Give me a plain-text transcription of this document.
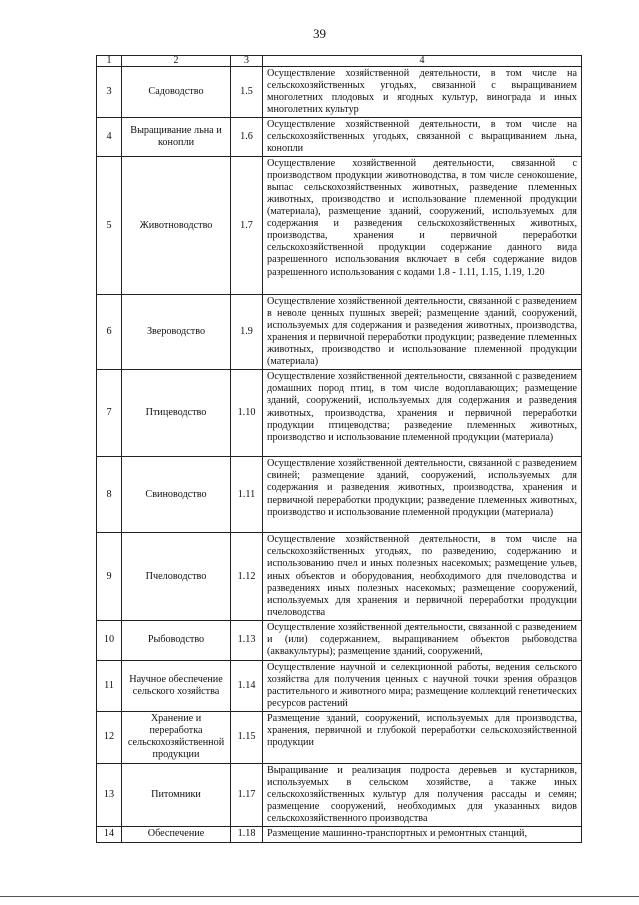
39
1	2	3	4
3	Садоводство	1.5	Осуществление хозяйственной деятельности, в том числе на сельскохозяйственных угодьях, связанной с выращиванием многолетних плодовых и ягодных культур, винограда и иных многолетних культур
4	Выращивание льна и конопли	1.6	Осуществление хозяйственной деятельности, в том числе на сельскохозяйственных угодьях, связанной с выращиванием льна, конопли
5	Животноводство	1.7	Осуществление хозяйственной деятельности, связанной с производством продукции животноводства, в том числе сенокошение, выпас сельскохозяйственных животных, разведение племенных животных, производство и использование племенной продукции (материала), размещение зданий, сооружений, используемых для содержания и разведения сельскохозяйственных животных, производства, хранения и первичной переработки сельскохозяйственной продукции содержание данного вида разрешенного использования включает в себя содержание видов разрешенного использования с кодами 1.8 - 1.11, 1.15, 1.19, 1.20
6	Звероводство	1.9	Осуществление хозяйственной деятельности, связанной с разведением в неволе ценных пушных зверей; размещение зданий, сооружений, используемых для содержания и разведения животных, производства, хранения и первичной переработки продукции; разведение племенных животных, производство и использование племенной продукции (материала)
7	Птицеводство	1.10	Осуществление хозяйственной деятельности, связанной с разведением домашних пород птиц, в том числе водоплавающих; размещение зданий, сооружений, используемых для содержания и разведения животных, производства, хранения и первичной переработки продукции птицеводства; разведение племенных животных, производство и использование племенной продукции (материала)
8	Свиноводство	1.11	Осуществление хозяйственной деятельности, связанной с разведением свиней; размещение зданий, сооружений, используемых для содержания и разведения животных, производства, хранения и первичной переработки продукции; разведение племенных животных, производство и использование племенной продукции (материала)
9	Пчеловодство	1.12	Осуществление хозяйственной деятельности, в том числе на сельскохозяйственных угодьях, по разведению, содержанию и использованию пчел и иных полезных насекомых; размещение ульев, иных объектов и оборудования, необходимого для пчеловодства и разведениях иных полезных насекомых; размещение сооружений, используемых для хранения и первичной переработки продукции пчеловодства
10	Рыбоводство	1.13	Осуществление хозяйственной деятельности, связанной с разведением и (или) содержанием, выращиванием объектов рыбоводства (аквакультуры); размещение зданий, сооружений,
11	Научное обеспечение сельского хозяйства	1.14	Осуществление научной и селекционной работы, ведения сельского хозяйства для получения ценных с научной точки зрения образцов растительного и животного мира; размещение коллекций генетических ресурсов растений
12	Хранение и переработка сельскохозяйственной продукции	1.15	Размещение зданий, сооружений, используемых для производства, хранения, первичной и глубокой переработки сельскохозяйственной продукции
13	Питомники	1.17	Выращивание и реализация подроста деревьев и кустарников, используемых в сельском хозяйстве, а также иных сельскохозяйственных культур для получения рассады и семян; размещение сооружений, необходимых для указанных видов сельскохозяйственного производства
14	Обеспечение	1.18	Размещение машинно-транспортных и ремонтных станций,
